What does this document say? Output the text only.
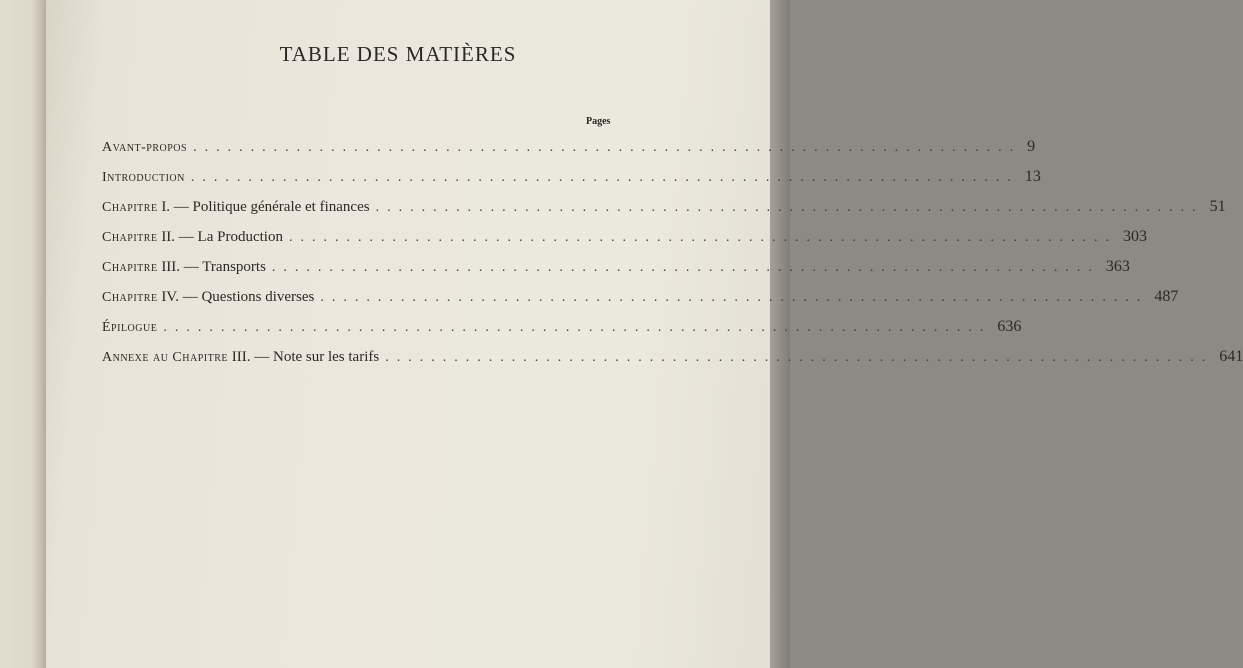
TABLE DES MATIÈRES
Pages
Avant-propos ........................................................................ 9
Introduction ........................................................................ 13
Chapitre I. — Politique générale et finances ........................................................................ 51
Chapitre II. — La Production ........................................................................ 303
Chapitre III. — Transports ........................................................................ 363
Chapitre IV. — Questions diverses ........................................................................ 487
Épilogue ........................................................................ 636
Annexe au Chapitre III. — Note sur les tarifs ........................................................................ 641
